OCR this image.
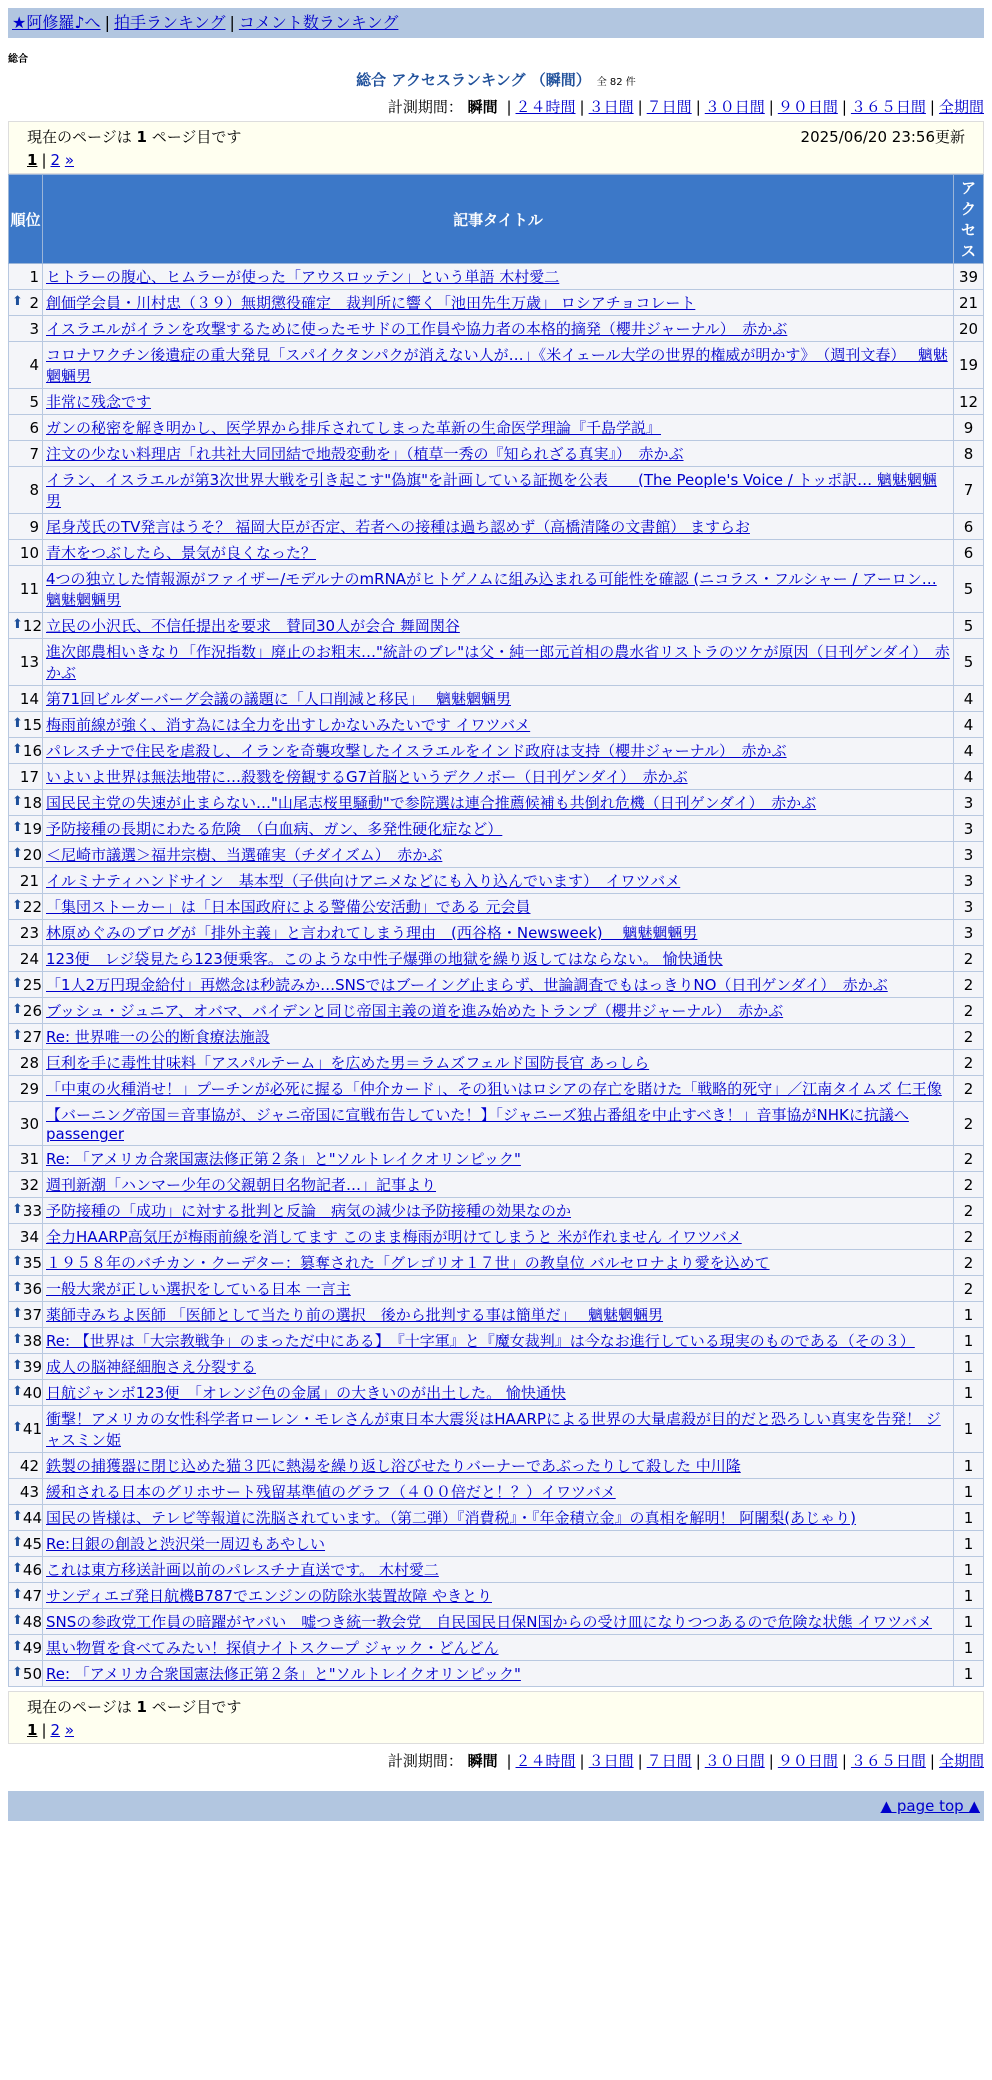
★阿修羅♪へ | 拍手ランキング | コメント数ランキング
総合
総合 アクセスランキング （瞬間） 全 82 件
計測期間： 瞬間 | ２４時間 | ３日間 | ７日間 | ３０日間 | ９０日間 | ３６５日間 | 全期間
現在のページは 1 ページ目です	2025/06/20 23:56更新
1 | 2 »
順位	記事タイトル	アクセス
1	ヒトラーの腹心、ヒムラーが使った「アウスロッテン」という単語 木村愛二	39

⬆ 2	創価学会員・川村忠（３９）無期懲役確定　裁判所に響く「池田先生万歳」 ロシアチョコレート	21
3	イスラエルがイランを攻撃するために使ったモサドの工作員や協力者の本格的摘発（櫻井ジャーナル）　赤かぶ	20
4	コロナワクチン後遺症の重大発見「スパイクタンパクが消えない人が…」《米イェール大学の世界的権威が明かす》　（週刊文春）　 魑魅魍魎男	19
5	非常に残念です	12
6	ガンの秘密を解き明かし、医学界から排斥されてしまった革新の生命医学理論『千島学説』	9
7	注文の少ない料理店「れ共社大同団結で地殻変動を」（植草一秀の『知られざる真実』）　赤かぶ	8
8	イラン、イスラエルが第3次世界大戦を引き起こす"偽旗"を計画している証拠を公表　　(The People's Voice / トッポ訳… 魑魅魍魎男	7
9	尾身茂氏のTV発言はうそ？ 福岡大臣が否定、若者への接種は過ち認めず（高橋清隆の文書館） ますらお	6
10	青木をつぶしたら、景気が良くなった？	6
11	4つの独立した情報源がファイザー/モデルナのmRNAがヒトゲノムに組み込まれる可能性を確認 (ニコラス・フルシャー / アーロン… 魑魅魍魎男	5

⬆ 12	立民の小沢氏、不信任提出を要求　賛同30人が会合 舞岡関谷	5
13	進次郎農相いきなり「作況指数」廃止のお粗末…"統計のブレ"は父・純一郎元首相の農水省リストラのツケが原因（日刊ゲンダイ）　赤かぶ	5
14	第71回ビルダーバーグ会議の議題に「人口削減と移民」　 魑魅魍魎男	4

⬆ 15	梅雨前線が強く、消す為には全力を出すしかないみたいです イワツバメ	4

⬆ 16	パレスチナで住民を虐殺し、イランを奇襲攻撃したイスラエルをインド政府は支持（櫻井ジャーナル）　赤かぶ	4
17	いよいよ世界は無法地帯に…殺戮を傍観するG7首脳というデクノボー（日刊ゲンダイ）　赤かぶ	4

⬆ 18	国民民主党の失速が止まらない…"山尾志桜里騒動"で参院選は連合推薦候補も共倒れ危機（日刊ゲンダイ）　赤かぶ	3

⬆ 19	予防接種の長期にわたる危険　（白血病、ガン、多発性硬化症など）	3

⬆ 20	＜尼崎市議選＞福井宗樹、当選確実（チダイズム）　赤かぶ	3
21	イルミナティハンドサイン　基本型（子供向けアニメなどにも入り込んでいます）　イワツバメ	3

⬆ 22	「集団ストーカー」は「日本国政府による警備公安活動」である 元会員	3
23	林原めぐみのブログが「排外主義」と言われてしまう理由　(西谷格・Newsweek)　 魑魅魍魎男	3
24	123便　レジ袋見たら123便乗客。このような中性子爆弾の地獄を繰り返してはならない。 愉快通快	2

⬆ 25	「1人2万円現金給付」再燃念は秒読みか…SNSではブーイング止まらず、世論調査でもはっきりNO（日刊ゲンダイ）　赤かぶ	2

⬆ 26	ブッシュ・ジュニア、オバマ、バイデンと同じ帝国主義の道を進み始めたトランプ（櫻井ジャーナル）　赤かぶ	2

⬆ 27	Re: 世界唯一の公的断食療法施設	2
28	巨利を手に毒性甘味料「アスパルテーム」を広めた男＝ラムズフェルド国防長官 あっしら	2
29	「中東の火種消せ！」プーチンが必死に握る「仲介カード」、その狙いはロシアの存亡を賭けた「戦略的死守」／江南タイムズ 仁王像	2
30	【バーニング帝国＝音事協が、ジャニ帝国に宣戦布告していた！】「ジャニーズ独占番組を中止すべき！」音事協がNHKに抗議へ passenger	2
31	Re: 「アメリカ合衆国憲法修正第２条」と"ソルトレイクオリンピック"	2
32	週刊新潮「ハンマー少年の父親朝日名物記者…」記事より	2

⬆ 33	予防接種の「成功」に対する批判と反論　病気の減少は予防接種の効果なのか	2
34	全力HAARP高気圧が梅雨前線を消してます このまま梅雨が明けてしまうと 米が作れません イワツバメ	2

⬆ 35	１９５８年のバチカン・クーデター：篡奪された「グレゴリオ１７世」の教皇位 バルセロナより愛を込めて	2

⬆ 36	一般大衆が正しい選択をしている日本 一言主	2

⬆ 37	薬師寺みちよ医師 「医師として当たり前の選択　後から批判する事は簡単だ」　 魑魅魍魎男	1

⬆ 38	Re: 【世界は「大宗教戦争」のまっただ中にある】　『十字軍』と『魔女裁判』は今なお進行している現実のものである（その３）	1

⬆ 39	成人の脳神経細胞さえ分裂する	1

⬆ 40	日航ジャンボ123便　「オレンジ色の金属」の大きいのが出土した。 愉快通快	1

⬆ 41	衝撃！アメリカの女性科学者ローレン・モレさんが東日本大震災はHAARPによる世界の大量虐殺が目的だと恐ろしい真実を告発！ ジャスミン姫	1
42	鉄製の捕獲器に閉じ込めた猫３匹に熱湯を繰り返し浴びせたりバーナーであぶったりして殺した 中川隆	1
43	緩和される日本のグリホサート残留基準値のグラフ（４００倍だと！？）イワツバメ	1

⬆ 44	国民の皆様は、テレビ等報道に洗脳されています。（第二弾）『消費税』・『年金積立金』の真相を解明！ 阿闍梨(あじゃり)	1

⬆ 45	Re:日銀の創設と渋沢栄一周辺もあやしい	1

⬆ 46	これは東方移送計画以前のパレスチナ直送です。 木村愛二	1

⬆ 47	サンディエゴ発日航機B787でエンジンの防除氷装置故障 やきとり	1

⬆ 48	SNSの参政党工作員の暗躍がヤバい　嘘つき統一教会党　自民国民日保N国からの受け皿になりつつあるので危険な状態 イワツバメ	1

⬆ 49	黒い物質を食べてみたい！探偵ナイトスクープ ジャック・どんどん	1

⬆ 50	Re: 「アメリカ合衆国憲法修正第２条」と"ソルトレイクオリンピック"	1
現在のページは 1 ページ目です
1 | 2 »
計測期間： 瞬間 | ２４時間 | ３日間 | ７日間 | ３０日間 | ９０日間 | ３６５日間 | 全期間
▲ page top ▲
